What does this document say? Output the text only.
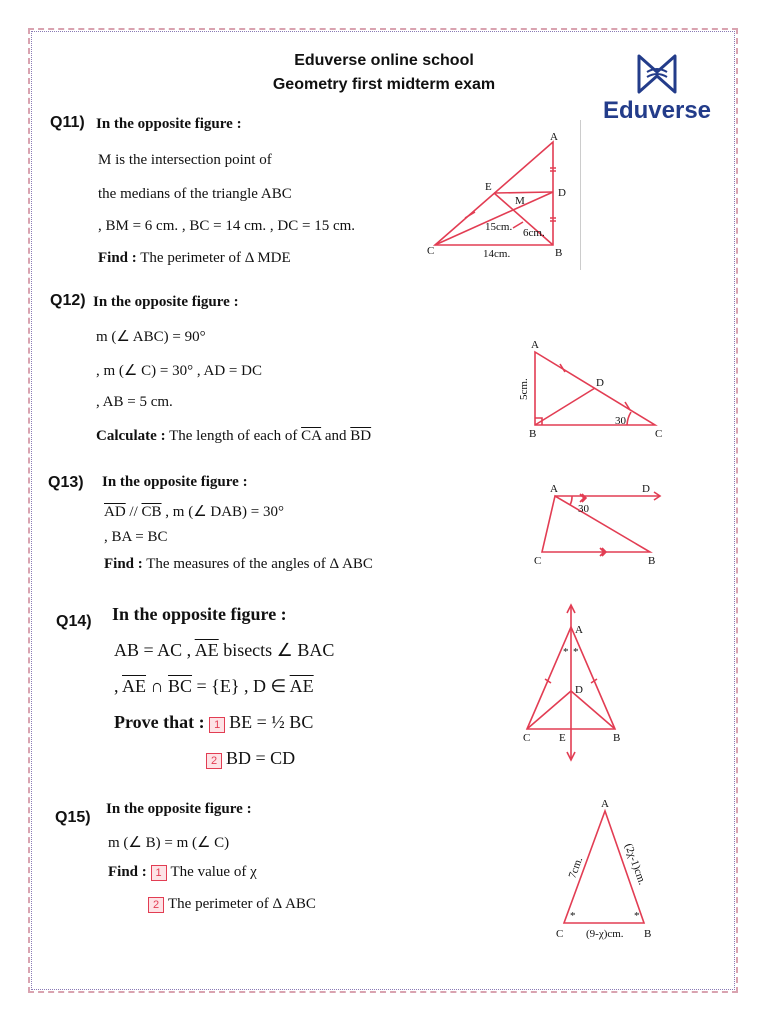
Eduverse online school
Geometry first midterm exam
Eduverse
Q11) In the opposite figure :
M is the intersection point of
the medians of the triangle ABC
, BM = 6 cm. , BC = 14 cm. , DC = 15 cm.
Find : The perimeter of Δ MDE
A
B
C
D
E
M
15cm. 6cm.
14cm.
Q12) In the opposite figure :
m (∠ ABC) = 90°
, m (∠ C) = 30° , AD = DC
, AB = 5 cm.
Calculate : The length of each of $\overline{CA}$ and $\overline{BD}$
A
B	C
D
30
5cm.
Q13) In the opposite figure :
$\overline{AD} // \overline{CB}$ , m (∠ DAB) = 30°
, BA = BC
Find : The measures of the angles of Δ ABC
A	D
C	B
30
Q14) In the opposite figure :
AB = AC , $\overline{AE}$ bisects ∠ BAC
, $\overline{AE}$ ∩ $\overline{BC} = \{E\}$ , D ∈ $\overline{AE}$
Prove that : 1 BE = ½ BC
2 BD = CD
A
D
C	E	B
* *
Q15) In the opposite figure :
m (∠ B) = m (∠ C)
Find : 1 The value of χ
2 The perimeter of Δ ABC
A
C	B
*	*
7cm.	(2χ-1)cm.
(9-χ)cm.
